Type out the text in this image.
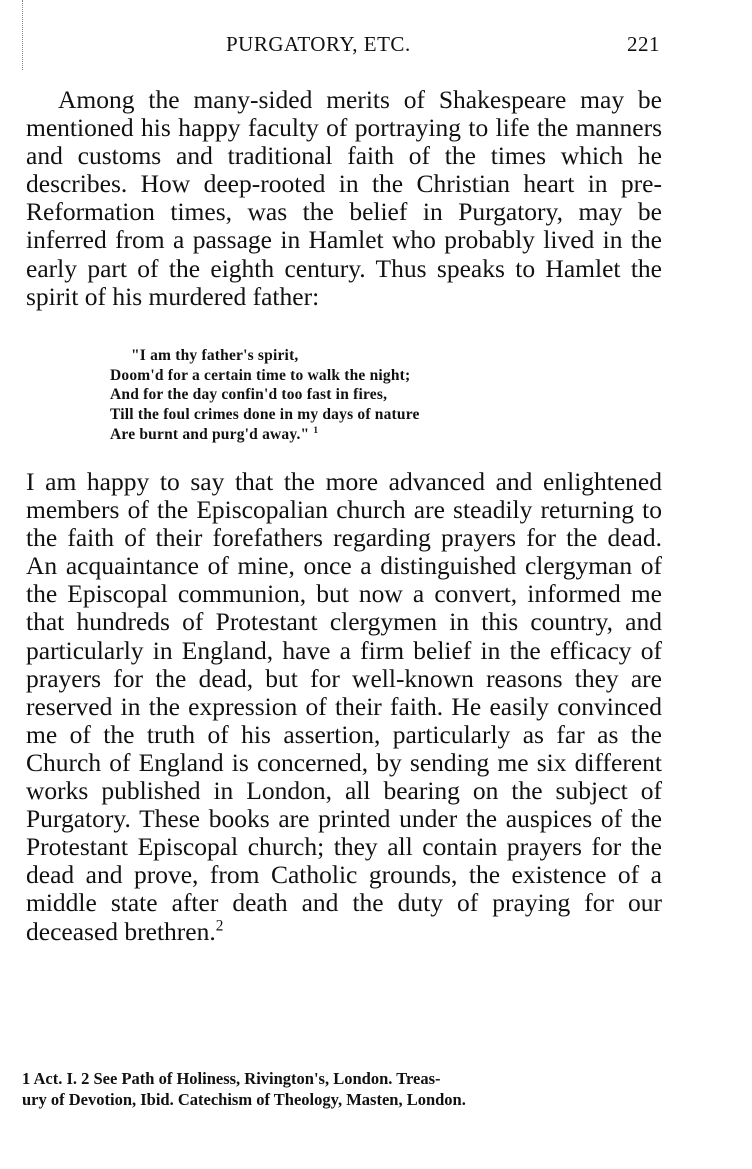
PURGATORY, ETC.	221

Among the many-sided merits of Shakespeare may be mentioned his happy faculty of portraying to life the manners and customs and traditional faith of the times which he describes. How deep-rooted in the Christian heart in pre-Reformation times, was the belief in Purgatory, may be inferred from a passage in Hamlet who probably lived in the early part of the eighth century. Thus speaks to Hamlet the spirit of his murdered father:

"I am thy father's spirit,
Doom'd for a certain time to walk the night;
And for the day confin'd too fast in fires,
Till the foul crimes done in my days of nature
Are burnt and purg'd away." $^1$

I am happy to say that the more advanced and enlightened members of the Episcopalian church are steadily returning to the faith of their forefathers regarding prayers for the dead. An acquaintance of mine, once a distinguished clergyman of the Episcopal communion, but now a convert, informed me that hundreds of Protestant clergymen in this country, and particularly in England, have a firm belief in the efficacy of prayers for the dead, but for well-known reasons they are reserved in the expression of their faith. He easily convinced me of the truth of his assertion, particularly as far as the Church of England is concerned, by sending me six different works published in London, all bearing on the subject of Purgatory. These books are printed under the auspices of the Protestant Episcopal church; they all contain prayers for the dead and prove, from Catholic grounds, the existence of a middle state after death and the duty of praying for our deceased brethren.$^2$

1 Act. I. 2 See Path of Holiness, Rivington's, London. Treas-
ury of Devotion, Ibid. Catechism of Theology, Masten, London.
